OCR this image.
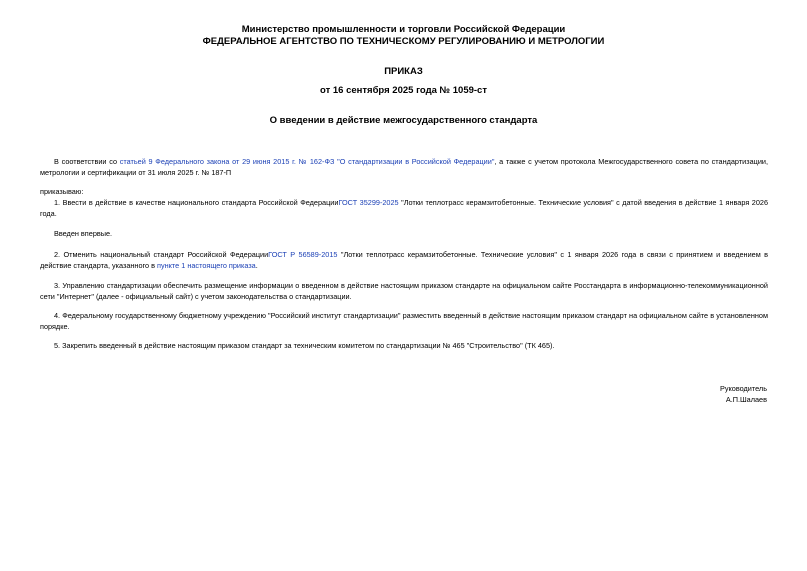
Министерство промышленности и торговли Российской Федерации
ФЕДЕРАЛЬНОЕ АГЕНТСТВО ПО ТЕХНИЧЕСКОМУ РЕГУЛИРОВАНИЮ И МЕТРОЛОГИИ
ПРИКАЗ
от 16 сентября 2025 года № 1059-ст
О введении в действие межгосударственного стандарта
В соответствии со статьей 9 Федерального закона от 29 июня 2015 г. № 162-ФЗ "О стандартизации в Российской Федерации", а также с учетом протокола Межгосударственного совета по стандартизации, метрологии и сертификации от 31 июля 2025 г. № 187-П
приказываю:
1. Ввести в действие в качестве национального стандарта Российской ФедерацииГОСТ 35299-2025 "Лотки теплотрасс керамзитобетонные. Технические условия" с датой введения в действие 1 января 2026 года.
Введен впервые.
2. Отменить национальный стандарт Российской ФедерацииГОСТ Р 56589-2015 "Лотки теплотрасс керамзитобетонные. Технические условия" с 1 января 2026 года в связи с принятием и введением в действие стандарта, указанного в пункте 1 настоящего приказа.
3. Управлению стандартизации обеспечить размещение информации о введенном в действие настоящим приказом стандарте на официальном сайте Росстандарта в информационно-телекоммуникационной сети "Интернет" (далее - официальный сайт) с учетом законодательства о стандартизации.
4. Федеральному государственному бюджетному учреждению "Российский институт стандартизации" разместить введенный в действие настоящим приказом стандарт на официальном сайте в установленном порядке.
5. Закрепить введенный в действие настоящим приказом стандарт за техническим комитетом по стандартизации № 465 "Строительство" (ТК 465).
Руководитель
А.П.Шалаев
